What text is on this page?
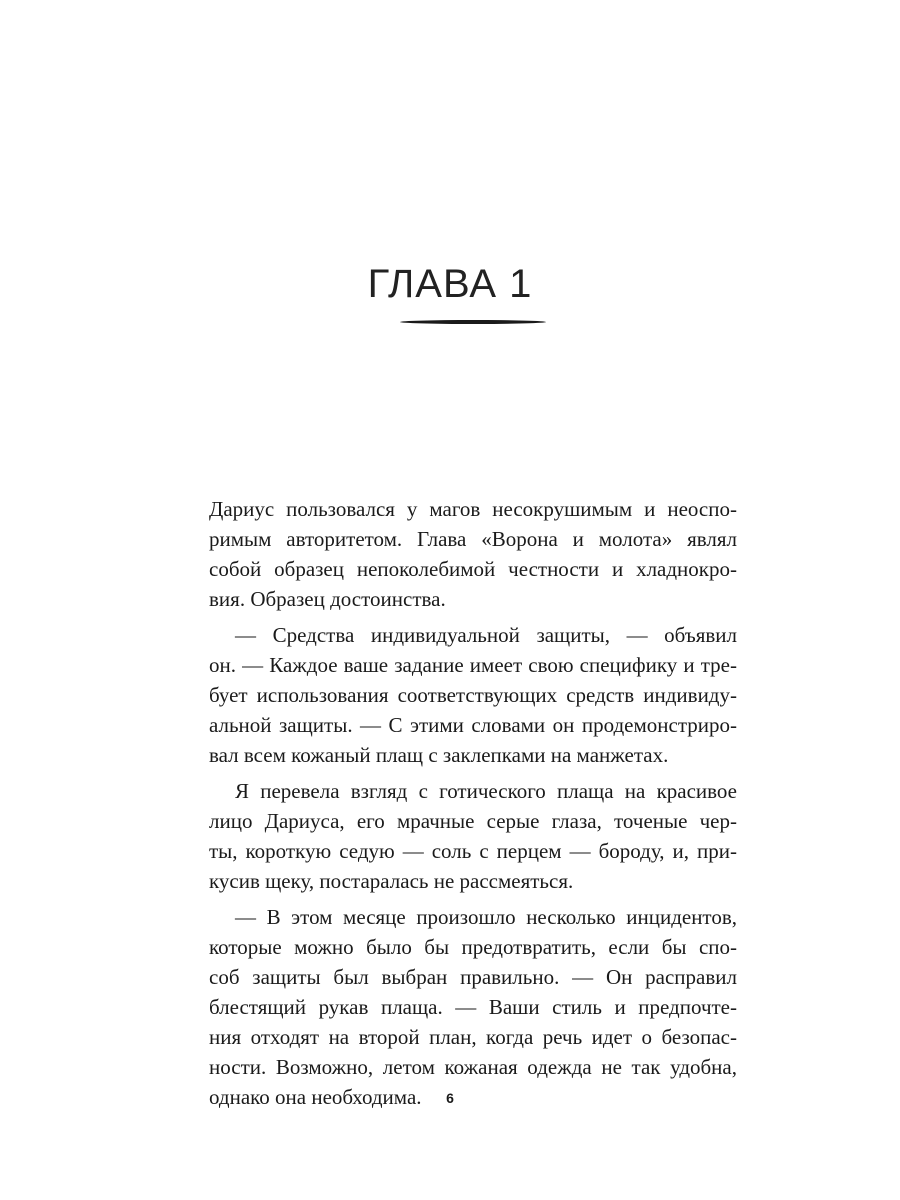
ГЛАВА 1
Дариус пользовался у магов несокрушимым и неоспо-
римым авторитетом. Глава «Ворона и молота» являл
собой образец непоколебимой честности и хладнокро-
вия. Образец достоинства.
— Средства индивидуальной защиты, — объявил
он. — Каждое ваше задание имеет свою специфику и тре-
бует использования соответствующих средств индивиду-
альной защиты. — С этими словами он продемонстриро-
вал всем кожаный плащ с заклепками на манжетах.
Я перевела взгляд с готического плаща на красивое
лицо Дариуса, его мрачные серые глаза, точеные чер-
ты, короткую седую — соль с перцем — бороду, и, при-
кусив щеку, постаралась не рассмеяться.
— В этом месяце произошло несколько инцидентов,
которые можно было бы предотвратить, если бы спо-
соб защиты был выбран правильно. — Он расправил
блестящий рукав плаща. — Ваши стиль и предпочте-
ния отходят на второй план, когда речь идет о безопас-
ности. Возможно, летом кожаная одежда не так удобна,
однако она необходима.	6
